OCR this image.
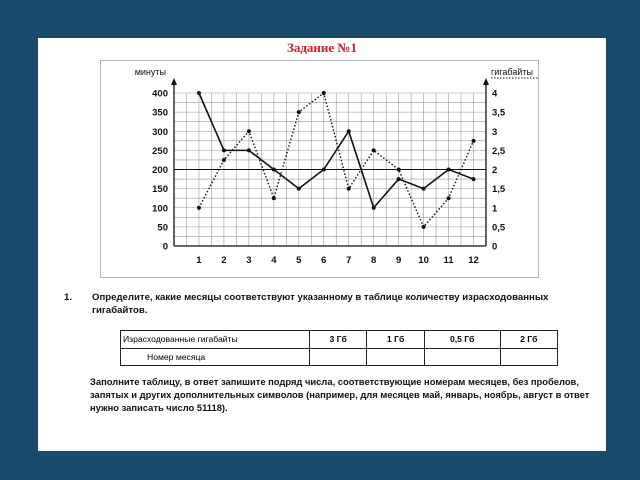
Задание №1
минуты	гигабайты
0
50
100
150
200
250
300
350
400
0
0,5
1
1,5
2
2,5
3
3,5
4
1 2 3 4 5 6 7 8 9 10 11 12
1. Определите, какие месяцы соответствуют указанному в таблице количеству израсходованных гигабайтов.
Израсходованные гигабайты	3 Гб	1 Гб	0,5 Гб	2 Гб
Номер месяца				
Заполните таблицу, в ответ запишите подряд числа, соответствующие номерам месяцев, без пробелов, запятых и других дополнительных символов (например, для месяцев май, январь, ноябрь, август в ответ нужно записать число 51118).
